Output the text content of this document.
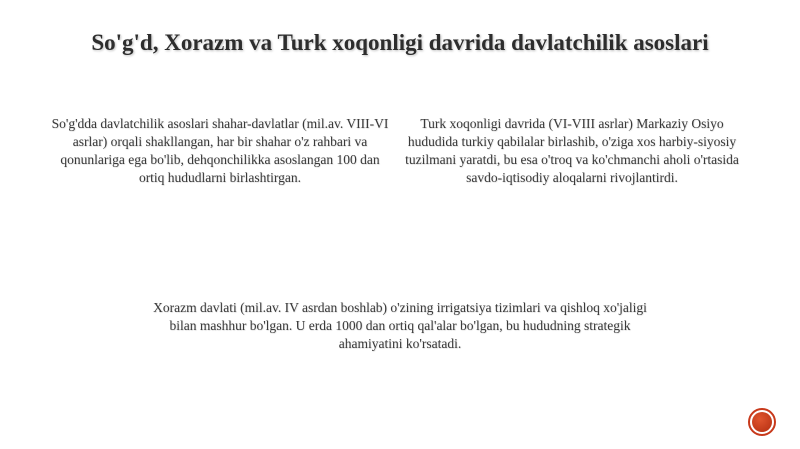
So'g'd, Xorazm va Turk xoqonligi davrida davlatchilik asoslari
So'g'dda davlatchilik asoslari shahar-davlatlar (mil.av. VIII-VI asrlar) orqali shakllangan, har bir shahar o'z rahbari va qonunlariga ega bo'lib, dehqonchilikka asoslangan 100 dan ortiq hududlarni birlashtirgan.
Turk xoqonligi davrida (VI-VIII asrlar) Markaziy Osiyo hududida turkiy qabilalar birlashib, o'ziga xos harbiy-siyosiy tuzilmani yaratdi, bu esa o'troq va ko'chmanchi aholi o'rtasida savdo-iqtisodiy aloqalarni rivojlantirdi.
Xorazm davlati (mil.av. IV asrdan boshlab) o'zining irrigatsiya tizimlari va qishloq xo'jaligi bilan mashhur bo'lgan. U erda 1000 dan ortiq qal'alar bo'lgan, bu hududning strategik ahamiyatini ko'rsatadi.
